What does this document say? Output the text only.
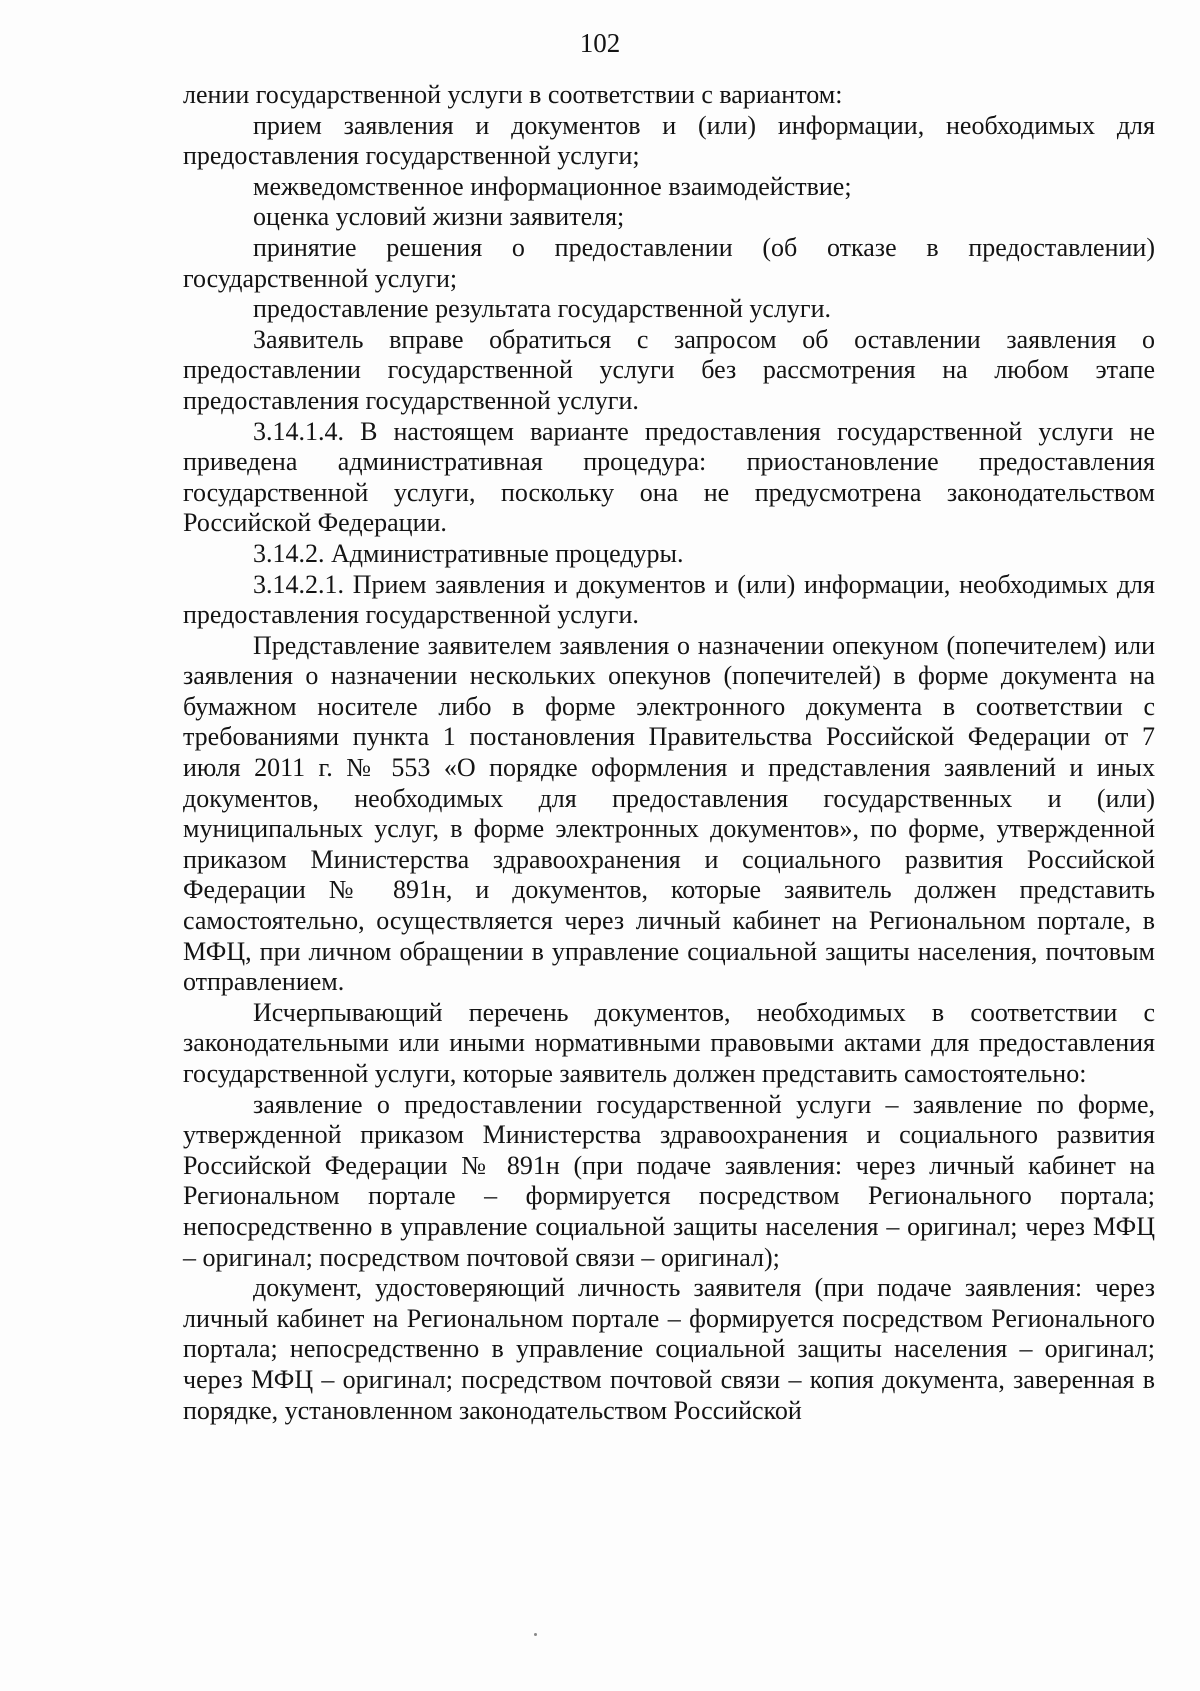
102

лении государственной услуги в соответствии с вариантом:

прием заявления и документов и (или) информации, необходимых для предоставления государственной услуги;

межведомственное информационное взаимодействие;

оценка условий жизни заявителя;

принятие решения о предоставлении (об отказе в предоставлении) государственной услуги;

предоставление результата государственной услуги.

Заявитель вправе обратиться с запросом об оставлении заявления о предоставлении государственной услуги без рассмотрения на любом этапе предоставления государственной услуги.

3.14.1.4. В настоящем варианте предоставления государственной услуги не приведена административная процедура: приостановление предоставления государственной услуги, поскольку она не предусмотрена законодательством Российской Федерации.

3.14.2. Административные процедуры.

3.14.2.1. Прием заявления и документов и (или) информации, необходимых для предоставления государственной услуги.

Представление заявителем заявления о назначении опекуном (попечителем) или заявления о назначении нескольких опекунов (попечителей) в форме документа на бумажном носителе либо в форме электронного документа в соответствии с требованиями пункта 1 постановления Правительства Российской Федерации от 7 июля 2011 г. № 553 «О порядке оформления и представления заявлений и иных документов, необходимых для предоставления государственных и (или) муниципальных услуг, в форме электронных документов», по форме, утвержденной приказом Министерства здравоохранения и социального развития Российской Федерации № 891н, и документов, которые заявитель должен представить самостоятельно, осуществляется через личный кабинет на Региональном портале, в МФЦ, при личном обращении в управление социальной защиты населения, почтовым отправлением.

Исчерпывающий перечень документов, необходимых в соответствии с законодательными или иными нормативными правовыми актами для предоставления государственной услуги, которые заявитель должен представить самостоятельно:

заявление о предоставлении государственной услуги – заявление по форме, утвержденной приказом Министерства здравоохранения и социального развития Российской Федерации № 891н (при подаче заявления: через личный кабинет на Региональном портале – формируется посредством Регионального портала; непосредственно в управление социальной защиты населения – оригинал; через МФЦ – оригинал; посредством почтовой связи – оригинал);

документ, удостоверяющий личность заявителя (при подаче заявления: через личный кабинет на Региональном портале – формируется посредством Регионального портала; непосредственно в управление социальной защиты населения – оригинал; через МФЦ – оригинал; посредством почтовой связи – копия документа, заверенная в порядке, установленном законодательством Российской
